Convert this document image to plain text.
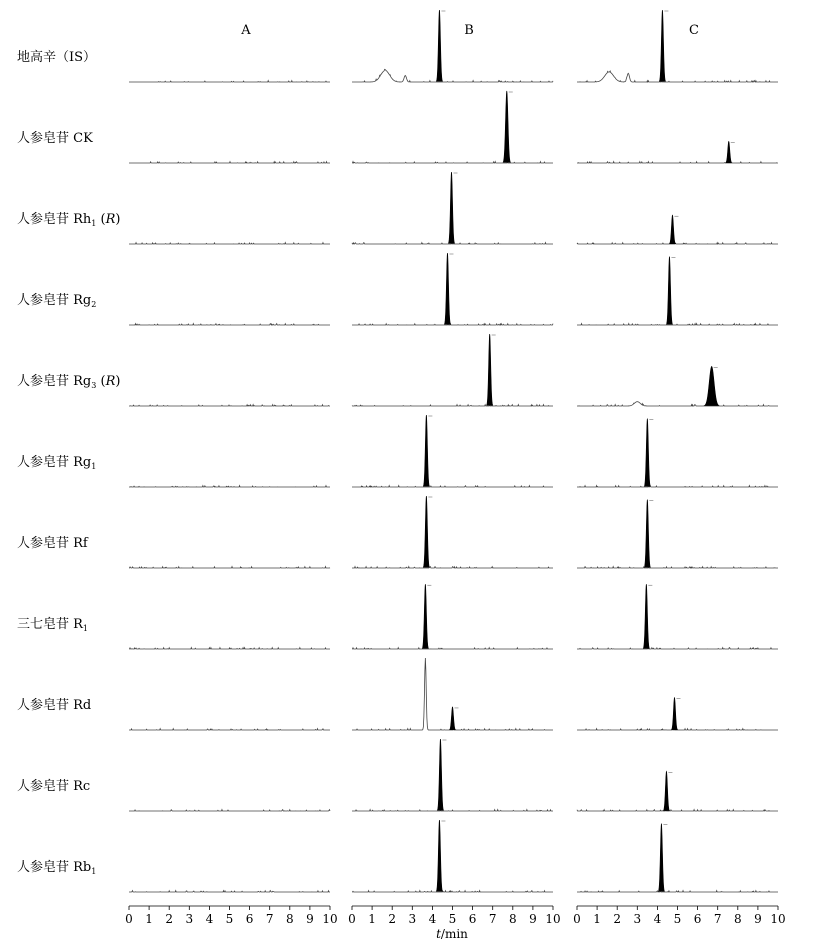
A	B	C
地高辛（IS）
人参皂苷 CK
人参皂苷 $Rh_1$ (R)
人参皂苷 $Rg_2$
人参皂苷 $Rg_3$ (R)
人参皂苷 $Rg_1$
人参皂苷 Rf
三七皂苷 $R_1$
人参皂苷 Rd
人参皂苷 Rc
人参皂苷 $Rb_1$
0 1 2 3 4 5 6 7 8 9 10 0 1 2 3 4 5 6 7 8 9 10 0 1 2 3 4 5 6 7 8 9 10
t/min
